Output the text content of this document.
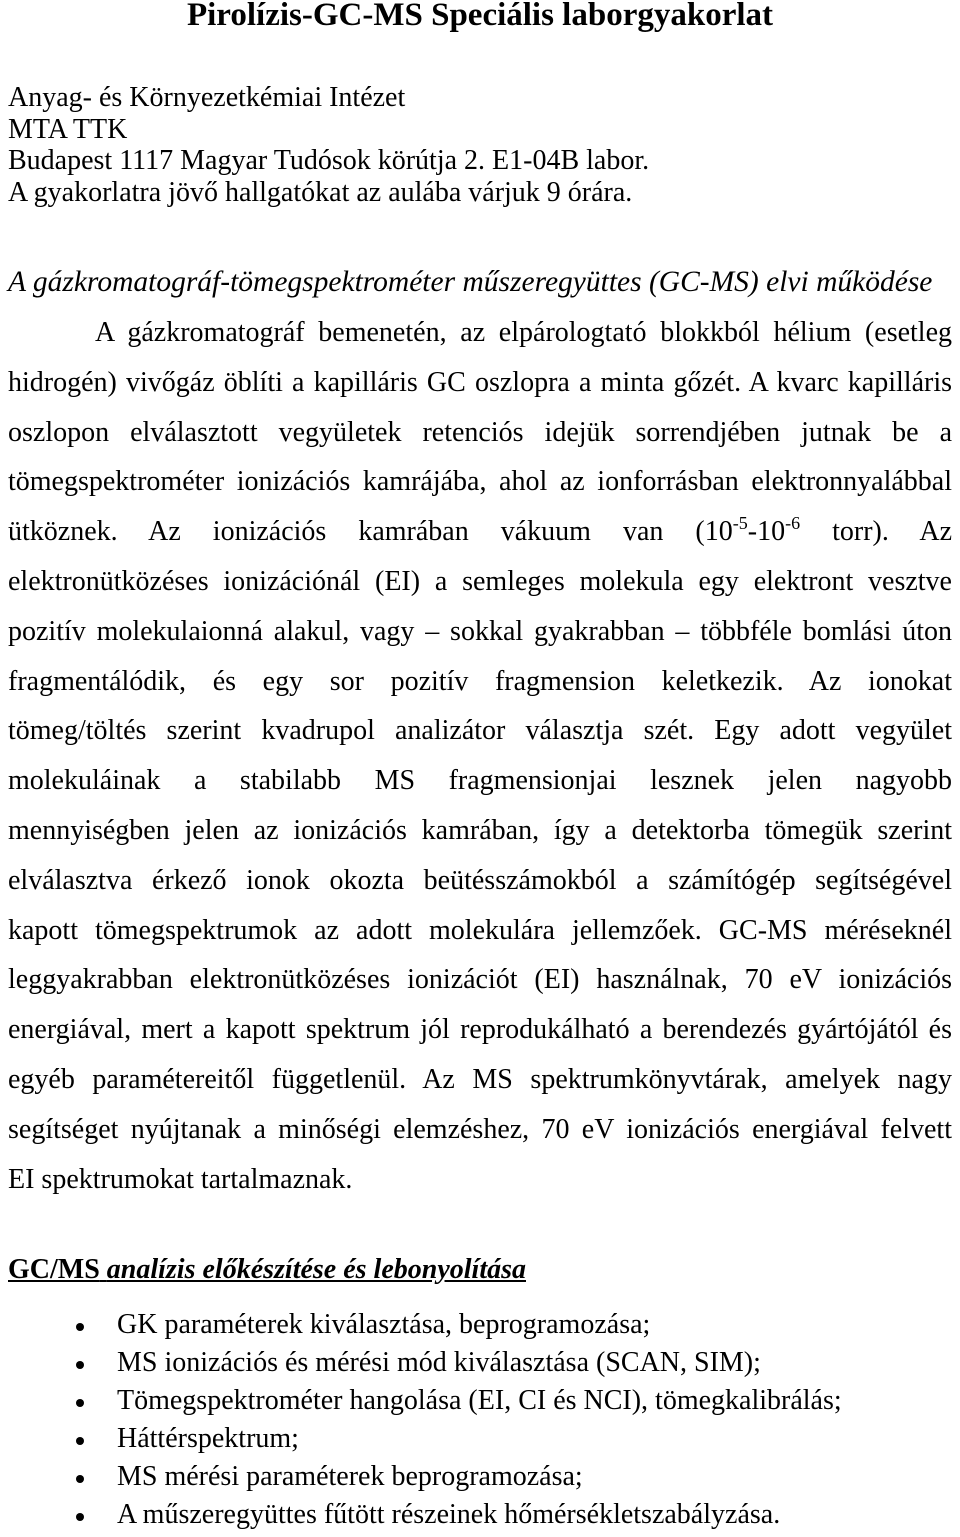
Pirolízis-GC-MS Speciális laborgyakorlat
Anyag- és Környezetkémiai Intézet
MTA TTK
Budapest 1117 Magyar Tudósok körútja 2. E1-04B labor.
A gyakorlatra jövő hallgatókat az aulába várjuk 9 órára.
A gázkromatográf-tömegspektrométer műszeregyüttes (GC-MS) elvi működése
A gázkromatográf bemenetén, az elpárologtató blokkból hélium (esetleg
hidrogén) vivőgáz öblíti a kapilláris GC oszlopra a minta gőzét. A kvarc kapilláris
oszlopon elválasztott vegyületek retenciós idejük sorrendjében jutnak be a
tömegspektrométer ionizációs kamrájába, ahol az ionforrásban elektronnyalábbal
ütköznek. Az ionizációs kamrában vákuum van ($10^{-5}-10^{-6}$ torr). Az
elektronütközéses ionizációnál (EI) a semleges molekula egy elektront vesztve
pozitív molekulaionná alakul, vagy – sokkal gyakrabban – többféle bomlási úton
fragmentálódik, és egy sor pozitív fragmension keletkezik. Az ionokat
tömeg/töltés szerint kvadrupol analizátor választja szét. Egy adott vegyület
molekuláinak a stabilabb MS fragmensionjai lesznek jelen nagyobb
mennyiségben jelen az ionizációs kamrában, így a detektorba tömegük szerint
elválasztva érkező ionok okozta beütésszámokból a számítógép segítségével
kapott tömegspektrumok az adott molekulára jellemzőek. GC-MS méréseknél
leggyakrabban elektronütközéses ionizációt (EI) használnak, 70 eV ionizációs
energiával, mert a kapott spektrum jól reprodukálható a berendezés gyártójától és
egyéb paramétereitől függetlenül. Az MS spektrumkönyvtárak, amelyek nagy
segítséget nyújtanak a minőségi elemzéshez, 70 eV ionizációs energiával felvett
EI spektrumokat tartalmaznak.
GC/MS analízis előkészítése és lebonyolítása
GK paraméterek kiválasztása, beprogramozása;
MS ionizációs és mérési mód kiválasztása (SCAN, SIM);
Tömegspektrométer hangolása (EI, CI és NCI), tömegkalibrálás;
Háttérspektrum;
MS mérési paraméterek beprogramozása;
A műszeregyüttes fűtött részeinek hőmérsékletszabályzása.
